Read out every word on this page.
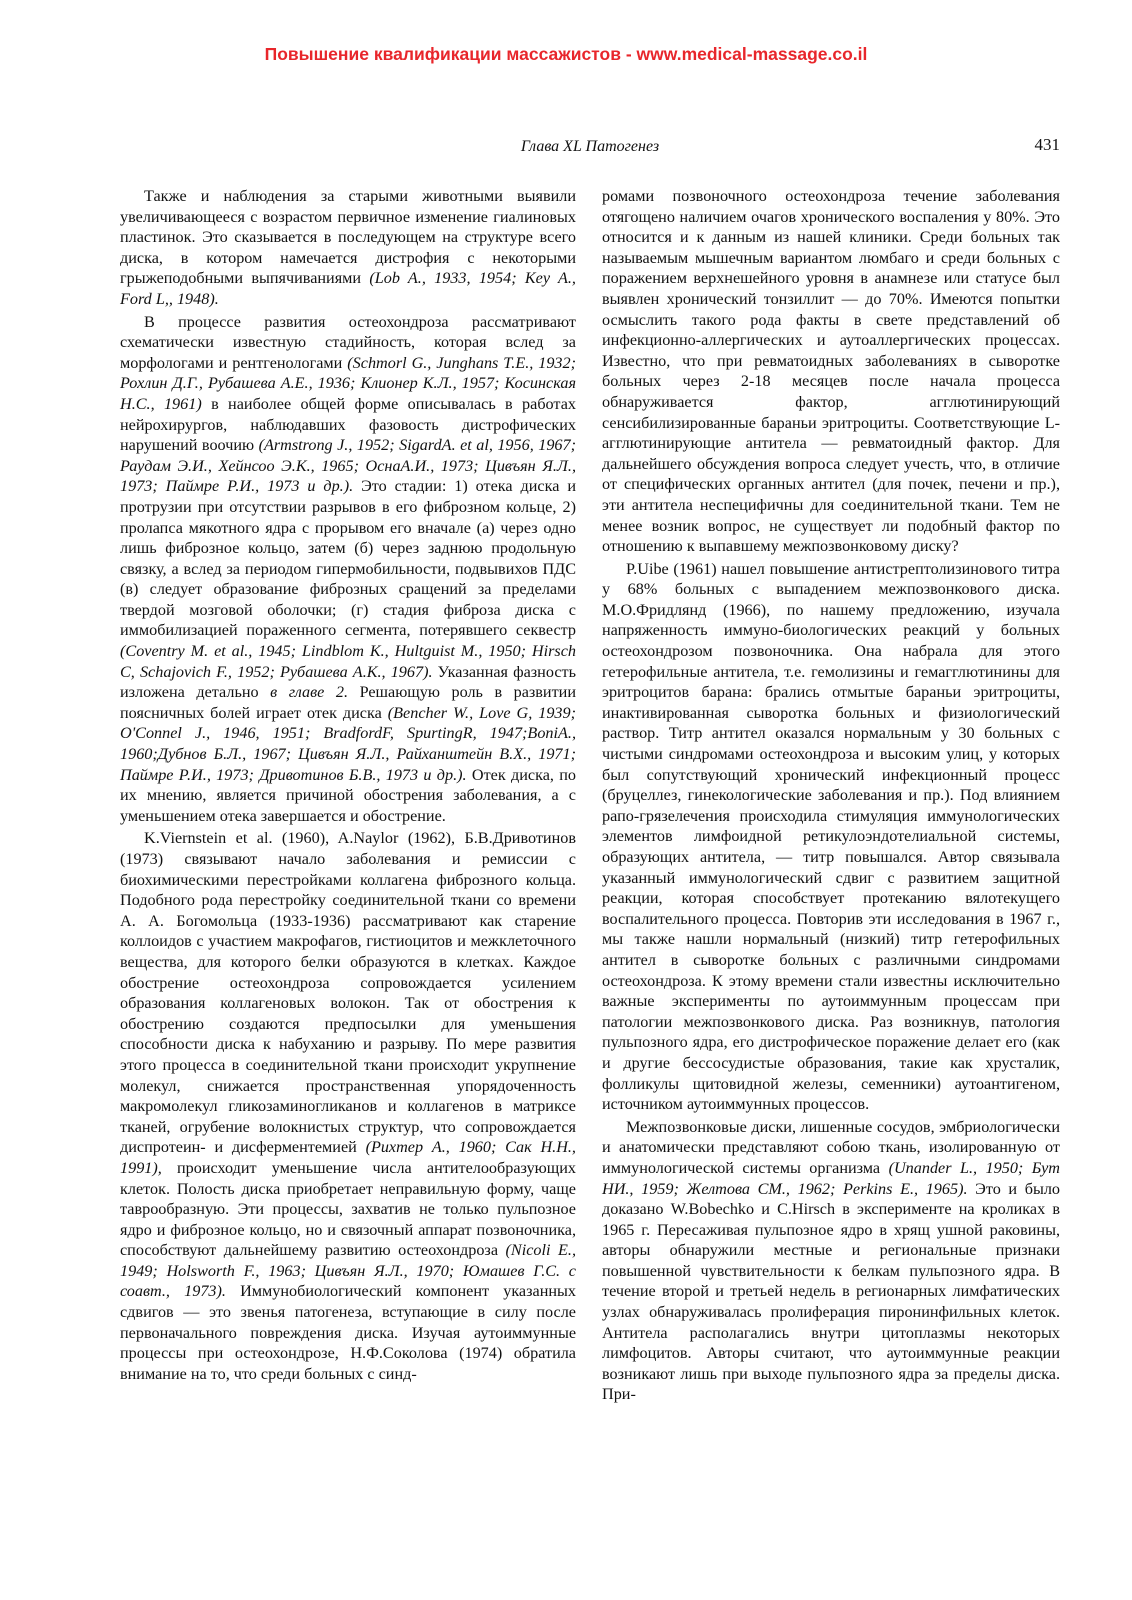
Повышение квалификации массажистов - www.medical-massage.co.il
Глава XL Патогенез	431

Также и наблюдения за старыми животными выявили увеличивающееся с возрастом первичное изменение гиалиновых пластинок. Это сказывается в последующем на структуре всего диска, в котором намечается дистрофия с некоторыми грыжеподобными выпячиваниями (Lob A., 1933, 1954; Key A., Ford L,, 1948).

В процессе развития остеохондроза рассматривают схематически известную стадийность, которая вслед за морфологами и рентгенологами (Schmorl G., Junghans Т.Е., 1932; Рохлин Д.Г., Рубашева А.Е., 1936; Клионер К.Л., 1957; Косинская Н.С., 1961) в наиболее общей форме описывалась в работах нейрохирургов, наблюдавших фазовость дистрофических нарушений воочию (Armstrong J., 1952; SigardA. et al, 1956, 1967; Раудам Э.И., Хейнсоо Э.К., 1965; ОснаА.И., 1973; Цивъян Я.Л., 1973; Паймре Р.И., 1973 и др.). Это стадии: 1) отека диска и протрузии при отсутствии разрывов в его фиброзном кольце, 2) пролапса мякотного ядра с прорывом его вначале (а) через одно лишь фиброзное кольцо, затем (б) через заднюю продольную связку, а вслед за периодом гипермобильности, подвывихов ПДС (в) следует образование фиброзных сращений за пределами твердой мозговой оболочки; (г) стадия фиброза диска с иммобилизацией пораженного сегмента, потерявшего секвестр (Coventry M. et al., 1945; Lindblom К., Hultguist M., 1950; Hirsch C, Schajovich F., 1952; Рубашева А.К., 1967). Указанная фазность изложена детально в главе 2. Решающую роль в развитии поясничных болей играет отек диска (Bencher W., Love G, 1939; O'Connel J., 1946, 1951; BradfordF, SpurtingR, 1947;BoniA., 1960;Дубнов Б.Л., 1967; Цивъян Я.Л., Райханштейн В.Х., 1971; Паймре Р.И., 1973; Дривотинов Б.В., 1973 и др.). Отек диска, по их мнению, является причиной обострения заболевания, а с уменьшением отека завершается и обострение.

K.Viernstein et al. (1960), A.Naylor (1962), Б.В.Дривотинов (1973) связывают начало заболевания и ремиссии с биохимическими перестройками коллагена фиброзного кольца. Подобного рода перестройку соединительной ткани со времени А. А. Богомольца (1933-1936) рассматривают как старение коллоидов с участием макрофагов, гистиоцитов и межклеточного вещества, для которого белки образуются в клетках. Каждое обострение остеохондроза сопровождается усилением образования коллагеновых волокон. Так от обострения к обострению создаются предпосылки для уменьшения способности диска к набуханию и разрыву. По мере развития этого процесса в соединительной ткани происходит укрупнение молекул, снижается пространственная упорядоченность макромолекул гликозаминогликанов и коллагенов в матриксе тканей, огрубение волокнистых структур, что сопровождается диспротеин- и дисферментемией (Рихтер А., 1960; Сак Н.Н., 1991), происходит уменьшение числа антителообразующих клеток. Полость диска приобретает неправильную форму, чаще таврообразную. Эти процессы, захватив не только пульпозное ядро и фиброзное кольцо, но и связочный аппарат позвоночника, способствуют дальнейшему развитию остеохондроза (Nicoli E., 1949; Holsworth F., 1963; Цивъян Я.Л., 1970; Юмашев Г.С. с соавт., 1973). Иммунобиологический компонент указанных сдвигов — это звенья патогенеза, вступающие в силу после первоначального повреждения диска. Изучая аутоиммунные процессы при остеохондрозе, Н.Ф.Соколова (1974) обратила внимание на то, что среди больных с синд-

ромами позвоночного остеохондроза течение заболевания отягощено наличием очагов хронического воспаления у 80%. Это относится и к данным из нашей клиники. Среди больных так называемым мышечным вариантом люмбаго и среди больных с поражением верхнешейного уровня в анамнезе или статусе был выявлен хронический тонзиллит — до 70%. Имеются попытки осмыслить такого рода факты в свете представлений об инфекционно-аллергических и аутоаллергических процессах. Известно, что при ревматоидных заболеваниях в сыворотке больных через 2-18 месяцев после начала процесса обнаруживается фактор, агглютинирующий сенсибилизированные бараньи эритроциты. Соответствующие L-агглютинирующие антитела — ревматоидный фактор. Для дальнейшего обсуждения вопроса следует учесть, что, в отличие от специфических органных антител (для почек, печени и пр.), эти антитела неспецифичны для соединительной ткани. Тем не менее возник вопрос, не существует ли подобный фактор по отношению к выпавшему межпозвонковому диску?

P.Uibe (1961) нашел повышение антистрептолизинового титра у 68% больных с выпадением межпозвонкового диска. М.О.Фридлянд (1966), по нашему предложению, изучала напряженность иммуно-биологических реакций у больных остеохондрозом позвоночника. Она набрала для этого гетерофильные антитела, т.е. гемолизины и гемагглютинины для эритроцитов барана: брались отмытые бараньи эритроциты, инактивированная сыворотка больных и физиологический раствор. Титр антител оказался нормальным у 30 больных с чистыми синдромами остеохондроза и высоким улиц, у которых был сопутствующий хронический инфекционный процесс (бруцеллез, гинекологические заболевания и пр.). Под влиянием рапо-грязелечения происходила стимуляция иммунологических элементов лимфоидной ретикулоэндотелиальной системы, образующих антитела, — титр повышался. Автор связывала указанный иммунологический сдвиг с развитием защитной реакции, которая способствует протеканию вялотекущего воспалительного процесса. Повторив эти исследования в 1967 г., мы также нашли нормальный (низкий) титр гетерофильных антител в сыворотке больных с различными синдромами остеохондроза. К этому времени стали известны исключительно важные эксперименты по аутоиммунным процессам при патологии межпозвонкового диска. Раз возникнув, патология пульпозного ядра, его дистрофическое поражение делает его (как и другие бессосудистые образования, такие как хрусталик, фолликулы щитовидной железы, семенники) аутоантигеном, источником аутоиммунных процессов.

Межпозвонковые диски, лишенные сосудов, эмбриологически и анатомически представляют собою ткань, изолированную от иммунологической системы организма (Unander L., 1950; Бут НИ., 1959; Желтова СМ., 1962; Perkins E., 1965). Это и было доказано W.Bobechko и C.Hirsch в эксперименте на кроликах в 1965 г. Пересаживая пульпозное ядро в хрящ ушной раковины, авторы обнаружили местные и региональные признаки повышенной чувствительности к белкам пульпозного ядра. В течение второй и третьей недель в регионарных лимфатических узлах обнаруживалась пролиферация пиронинфильных клеток. Антитела располагались внутри цитоплазмы некоторых лимфоцитов. Авторы считают, что аутоиммунные реакции возникают лишь при выходе пульпозного ядра за пределы диска. При-
